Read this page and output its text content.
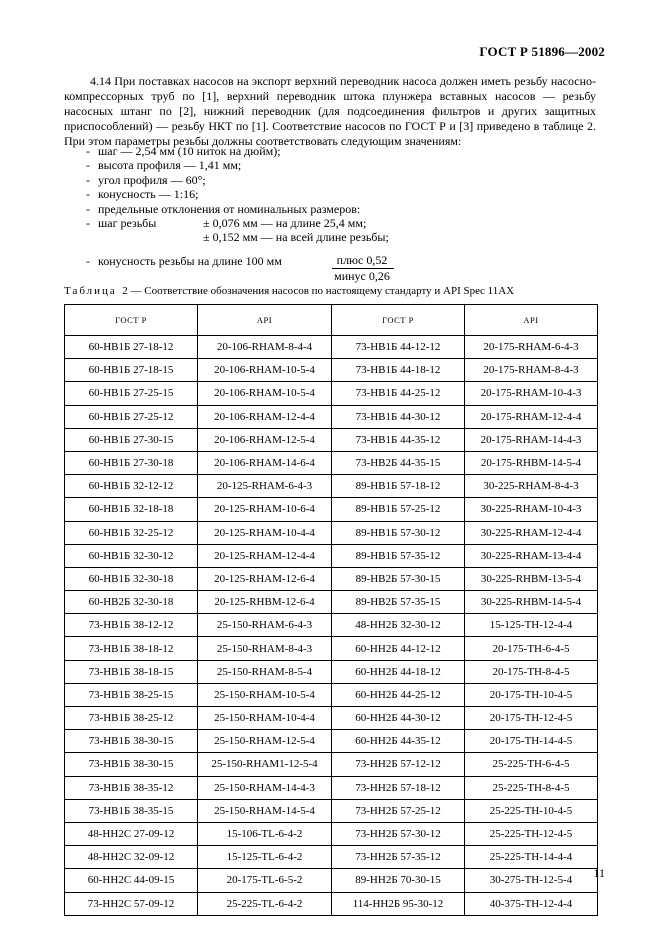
ГОСТ Р 51896—2002

4.14 При поставках насосов на экспорт верхний переводник насоса должен иметь резьбу насосно-компрессорных труб по [1], верхний переводник штока плунжера вставных насосов — резьбу насосных штанг по [2], нижний переводник (для подсоединения фильтров и других защитных приспособлений) — резьбу НКТ по [1]. Соответствие насосов по ГОСТ Р и [3] приведено в таблице 2. При этом параметры резьбы должны соответствовать следующим значениям:

- шаг — 2,54 мм (10 ниток на дюйм);
- высота профиля — 1,41 мм;
- угол профиля — 60°;
- конусность — 1:16;
- предельные отклонения от номинальных размеров:
- шаг резьбы	± 0,076 мм — на длине 25,4 мм;
± 0,152 мм — на всей длине резьбы;
- конусность резьбы на длине 100 мм	плюс 0,52
минус 0,26
Таблица 2 — Соответствие обозначения насосов по настоящему стандарту и API Spec 11AX
ГОСТ Р	API	ГОСТ Р	API
60-НВ1Б 27-18-12	20-106-RHAM-8-4-4	73-НВ1Б 44-12-12	20-175-RHAM-6-4-3
60-НВ1Б 27-18-15	20-106-RHAM-10-5-4	73-НВ1Б 44-18-12	20-175-RHAM-8-4-3
60-НВ1Б 27-25-15	20-106-RHAM-10-5-4	73-НВ1Б 44-25-12	20-175-RHAM-10-4-3
60-НВ1Б 27-25-12	20-106-RHAM-12-4-4	73-НВ1Б 44-30-12	20-175-RHAM-12-4-4
60-НВ1Б 27-30-15	20-106-RHAM-12-5-4	73-НВ1Б 44-35-12	20-175-RHAM-14-4-3
60-НВ1Б 27-30-18	20-106-RHAM-14-6-4	73-НВ2Б 44-35-15	20-175-RHBM-14-5-4
60-НВ1Б 32-12-12	20-125-RHAM-6-4-3	89-НВ1Б 57-18-12	30-225-RHAM-8-4-3
60-НВ1Б 32-18-18	20-125-RHAM-10-6-4	89-НВ1Б 57-25-12	30-225-RHAM-10-4-3
60-НВ1Б 32-25-12	20-125-RHAM-10-4-4	89-НВ1Б 57-30-12	30-225-RHAM-12-4-4
60-НВ1Б 32-30-12	20-125-RHAM-12-4-4	89-НВ1Б 57-35-12	30-225-RHAM-13-4-4
60-НВ1Б 32-30-18	20-125-RHAM-12-6-4	89-НВ2Б 57-30-15	30-225-RHBM-13-5-4
60-НВ2Б 32-30-18	20-125-RHBM-12-6-4	89-НВ2Б 57-35-15	30-225-RHBM-14-5-4
73-НВ1Б 38-12-12	25-150-RHAM-6-4-3	48-НН2Б 32-30-12	15-125-TH-12-4-4
73-НВ1Б 38-18-12	25-150-RHAM-8-4-3	60-НН2Б 44-12-12	20-175-TH-6-4-5
73-НВ1Б 38-18-15	25-150-RHAM-8-5-4	60-НН2Б 44-18-12	20-175-TH-8-4-5
73-НВ1Б 38-25-15	25-150-RHAM-10-5-4	60-НН2Б 44-25-12	20-175-TH-10-4-5
73-НВ1Б 38-25-12	25-150-RHAM-10-4-4	60-НН2Б 44-30-12	20-175-TH-12-4-5
73-НВ1Б 38-30-15	25-150-RHAM-12-5-4	60-НН2Б 44-35-12	20-175-TH-14-4-5
73-НВ1Б 38-30-15	25-150-RHAM1-12-5-4	73-НН2Б 57-12-12	25-225-TH-6-4-5
73-НВ1Б 38-35-12	25-150-RHAM-14-4-3	73-НН2Б 57-18-12	25-225-TH-8-4-5
73-НВ1Б 38-35-15	25-150-RHAM-14-5-4	73-НН2Б 57-25-12	25-225-TH-10-4-5
48-НН2С 27-09-12	15-106-TL-6-4-2	73-НН2Б 57-30-12	25-225-TH-12-4-5
48-НН2С 32-09-12	15-125-TL-6-4-2	73-НН2Б 57-35-12	25-225-TH-14-4-4
60-НН2С 44-09-15	20-175-TL-6-5-2	89-НН2Б 70-30-15	30-275-TH-12-5-4
73-НН2С 57-09-12	25-225-TL-6-4-2	114-НН2Б 95-30-12	40-375-TH-12-4-4
11
